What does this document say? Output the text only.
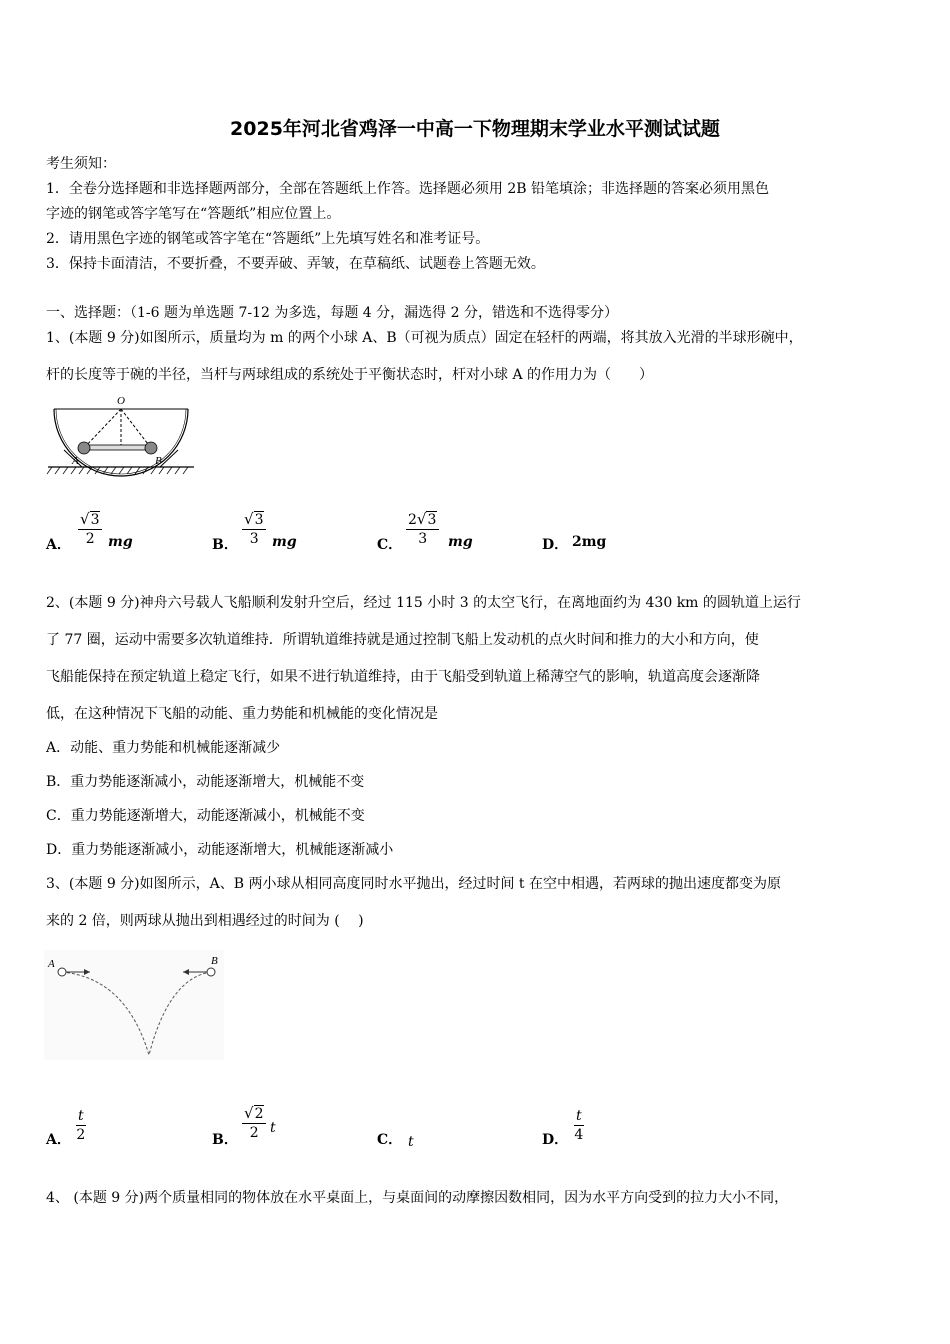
2025年河北省鸡泽一中高一下物理期末学业水平测试试题
考生须知：
1．全卷分选择题和非选择题两部分，全部在答题纸上作答。选择题必须用 2B 铅笔填涂；非选择题的答案必须用黑色
字迹的钢笔或答字笔写在“答题纸”相应位置上。
2．请用黑色字迹的钢笔或答字笔在“答题纸”上先填写姓名和准考证号。
3．保持卡面清洁，不要折叠，不要弄破、弄皱，在草稿纸、试题卷上答题无效。
一、选择题：（1-6 题为单选题 7-12 为多选，每题 4 分，漏选得 2 分，错选和不选得零分）
1、(本题 9 分)如图所示，质量均为 m 的两个小球 A、B（可视为质点）固定在轻杆的两端，将其放入光滑的半球形碗中，
杆的长度等于碗的半径，当杆与两球组成的系统处于平衡状态时，杆对小球 A 的作用力为（　　）
O
A	B
A． $\frac{√3}{2}$ mg	B． $\frac{√3}{3}$ mg	C． $\frac{2√3}{3}$ mg	D． 2mg
2、(本题 9 分)神舟六号载人飞船顺利发射升空后，经过 115 小时 3 的太空飞行，在离地面约为 430 km 的圆轨道上运行
了 77 圈，运动中需要多次轨道维持．所谓轨道维持就是通过控制飞船上发动机的点火时间和推力的大小和方向，使
飞船能保持在预定轨道上稳定飞行，如果不进行轨道维持，由于飞船受到轨道上稀薄空气的影响，轨道高度会逐渐降
低，在这种情况下飞船的动能、重力势能和机械能的变化情况是
A．动能、重力势能和机械能逐渐减少
B．重力势能逐渐减小，动能逐渐增大，机械能不变
C．重力势能逐渐增大，动能逐渐减小，机械能不变
D．重力势能逐渐减小，动能逐渐增大，机械能逐渐减小
3、(本题 9 分)如图所示，A、B 两小球从相同高度同时水平抛出，经过时间 t 在空中相遇，若两球的抛出速度都变为原
来的 2 倍，则两球从抛出到相遇经过的时间为 (　 )
A	B
A． $\frac{t}{2}$	B． $\frac{√2}{2}$ t
C． t	D． $\frac{t}{4}$
4、 (本题 9 分)两个质量相同的物体放在水平桌面上，与桌面间的动摩擦因数相同，因为水平方向受到的拉力大小不同，
